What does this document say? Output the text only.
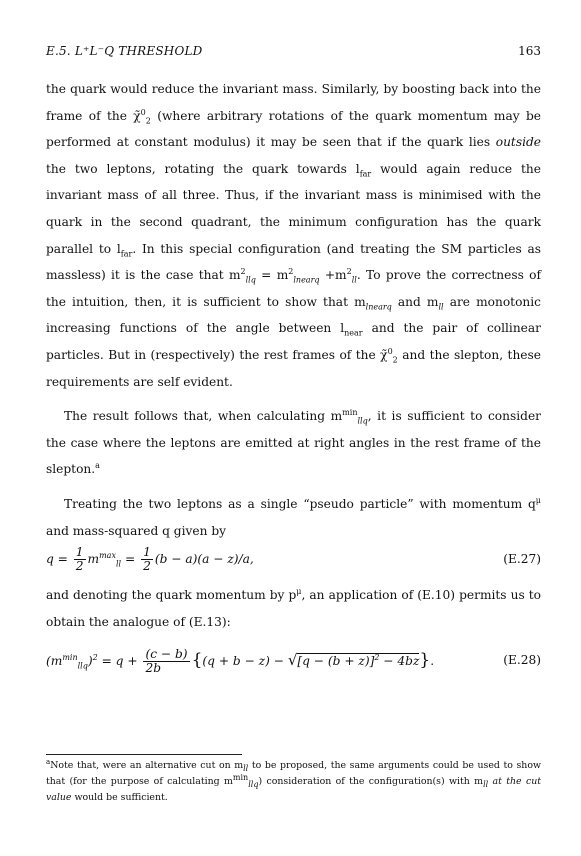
E.5. L⁺L⁻Q THRESHOLD	163

the quark would reduce the invariant mass. Similarly, by boosting back into the frame of the χ̃$^0_2$ (where arbitrary rotations of the quark momentum may be performed at constant modulus) it may be seen that if the quark lies outside the two leptons, rotating the quark towards $l_{far}$ would again reduce the invariant mass of all three. Thus, if the invariant mass is minimised with the quark in the second quadrant, the minimum configuration has the quark parallel to $l_{far}$. In this special configuration (and treating the SM particles as massless) it is the case that $m^2_{llq} = m^2_{lnearq} +m^2_{ll}$. To prove the correctness of the intuition, then, it is sufficient to show that $m_{lnearq}$ and $m_{ll}$ are monotonic increasing functions of the angle between $l_{near}$ and the pair of collinear particles. But in (respectively) the rest frames of the χ̃$^0_2$ and the slepton, these requirements are self evident.

The result follows that, when calculating $m^{min}_{llq}$, it is sufficient to consider the case where the leptons are emitted at right angles in the rest frame of the slepton.$^a$

Treating the two leptons as a single “pseudo particle” with momentum $q^\mu$ and mass-squared q given by

$q = \frac{1}{2} m^{max}_{ll} = \frac{1}{2} (b - a)(a - z)/a$,	(E.27)

and denoting the quark momentum by $p^\mu$, an application of (E.10) permits us to obtain the analogue of (E.13):

$(m^{min}_{llq})^2 = q + \frac{(c - b)}{2b} \{(q + b - z) - √[q - (b + z)]^2 - 4bz\}$.	(E.28)
$^a$Note that, were an alternative cut on $m_{ll}$ to be proposed, the same arguments could be used to show that (for the purpose of calculating $m^{min}_{llq}$) consideration of the configuration(s) with $m_{ll}$ at the cut value would be sufficient.
